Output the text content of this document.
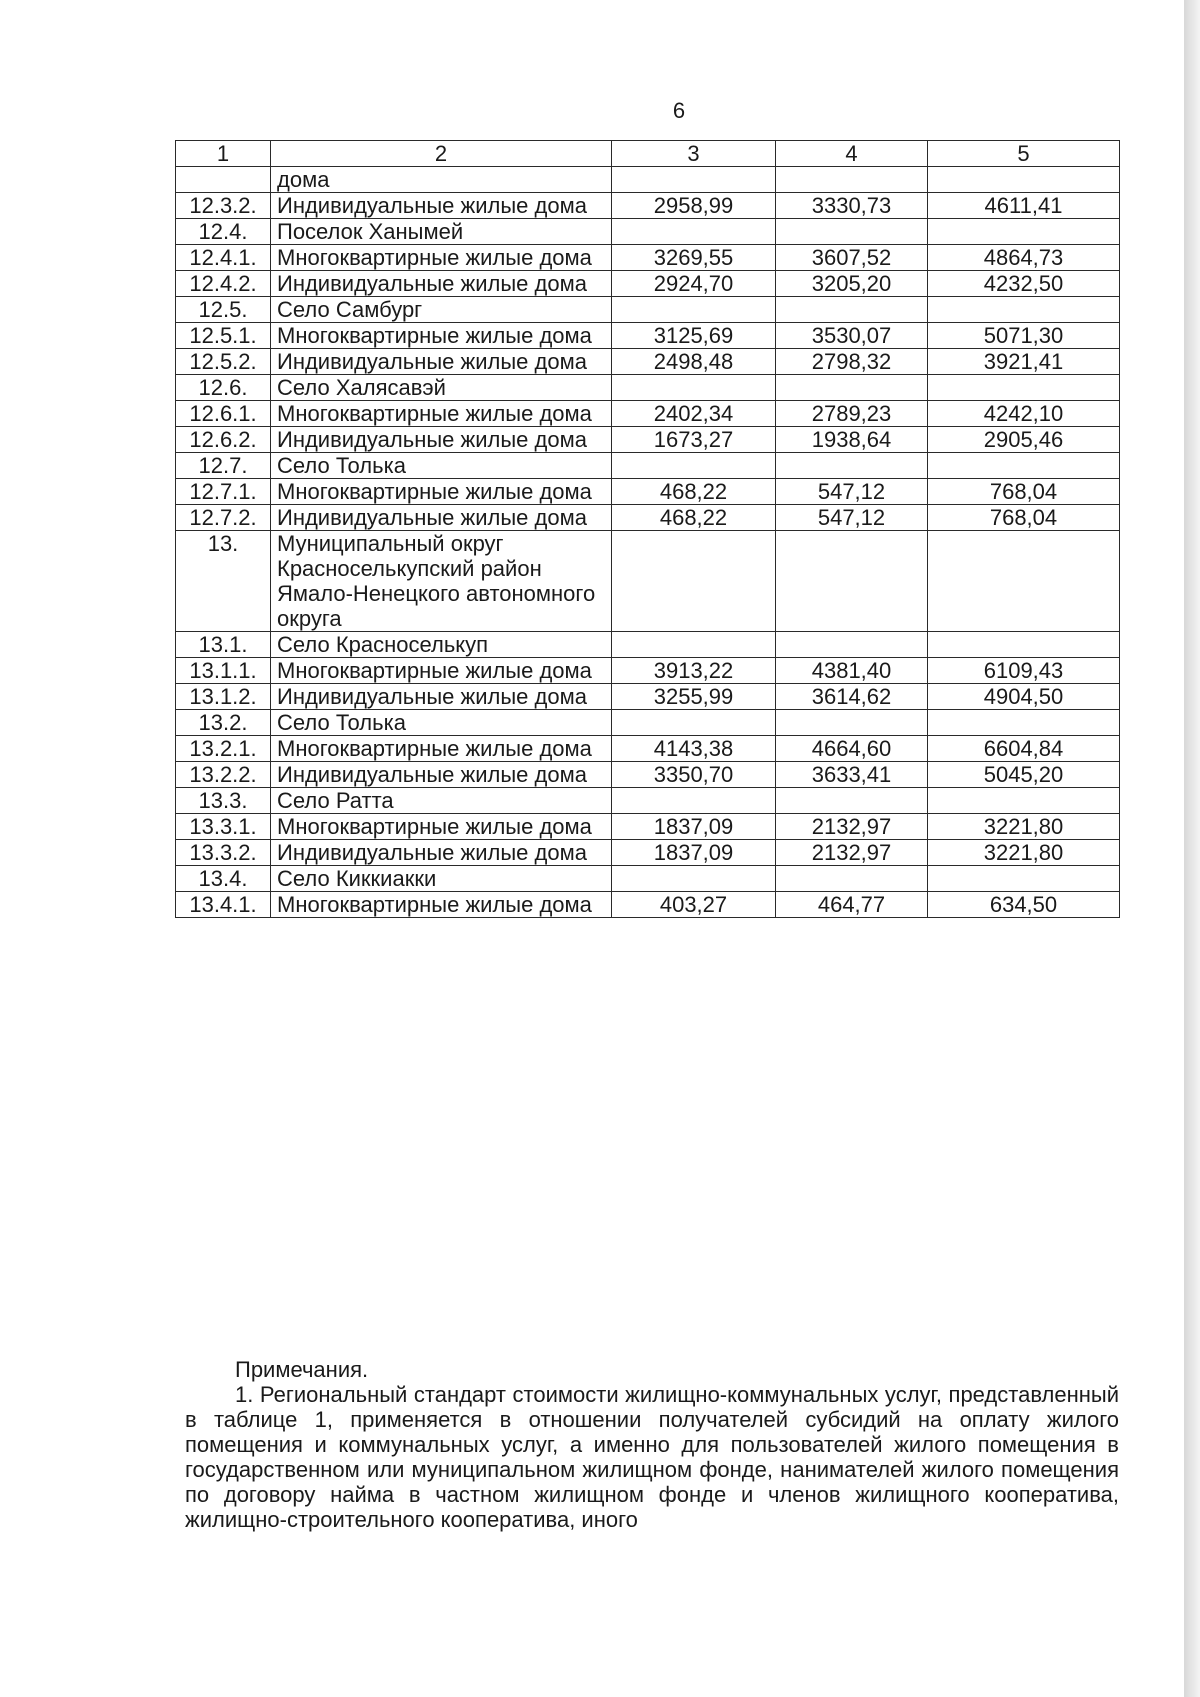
6
1	2	3	4	5
	дома			
12.3.2.	Индивидуальные жилые дома	2958,99	3330,73	4611,41
12.4.	Поселок Ханымей			
12.4.1.	Многоквартирные жилые дома	3269,55	3607,52	4864,73
12.4.2.	Индивидуальные жилые дома	2924,70	3205,20	4232,50
12.5.	Село Самбург			
12.5.1.	Многоквартирные жилые дома	3125,69	3530,07	5071,30
12.5.2.	Индивидуальные жилые дома	2498,48	2798,32	3921,41
12.6.	Село Халясавэй			
12.6.1.	Многоквартирные жилые дома	2402,34	2789,23	4242,10
12.6.2.	Индивидуальные жилые дома	1673,27	1938,64	2905,46
12.7.	Село Толька			
12.7.1.	Многоквартирные жилые дома	468,22	547,12	768,04
12.7.2.	Индивидуальные жилые дома	468,22	547,12	768,04
13.	Муниципальный округ Красноселькупский район Ямало-Ненецкого автономного округа			
13.1.	Село Красноселькуп			
13.1.1.	Многоквартирные жилые дома	3913,22	4381,40	6109,43
13.1.2.	Индивидуальные жилые дома	3255,99	3614,62	4904,50
13.2.	Село Толька			
13.2.1.	Многоквартирные жилые дома	4143,38	4664,60	6604,84
13.2.2.	Индивидуальные жилые дома	3350,70	3633,41	5045,20
13.3.	Село Ратта			
13.3.1.	Многоквартирные жилые дома	1837,09	2132,97	3221,80
13.3.2.	Индивидуальные жилые дома	1837,09	2132,97	3221,80
13.4.	Село Киккиакки			
13.4.1.	Многоквартирные жилые дома	403,27	464,77	634,50
Примечания.
1. Региональный стандарт стоимости жилищно-коммунальных услуг, представленный в таблице 1, применяется в отношении получателей субсидий на оплату жилого помещения и коммунальных услуг, а именно для пользователей жилого помещения в государственном или муниципальном жилищном фонде, нанимателей жилого помещения по договору найма в частном жилищном фонде и членов жилищного кооператива, жилищно-строительного кооператива, иного
